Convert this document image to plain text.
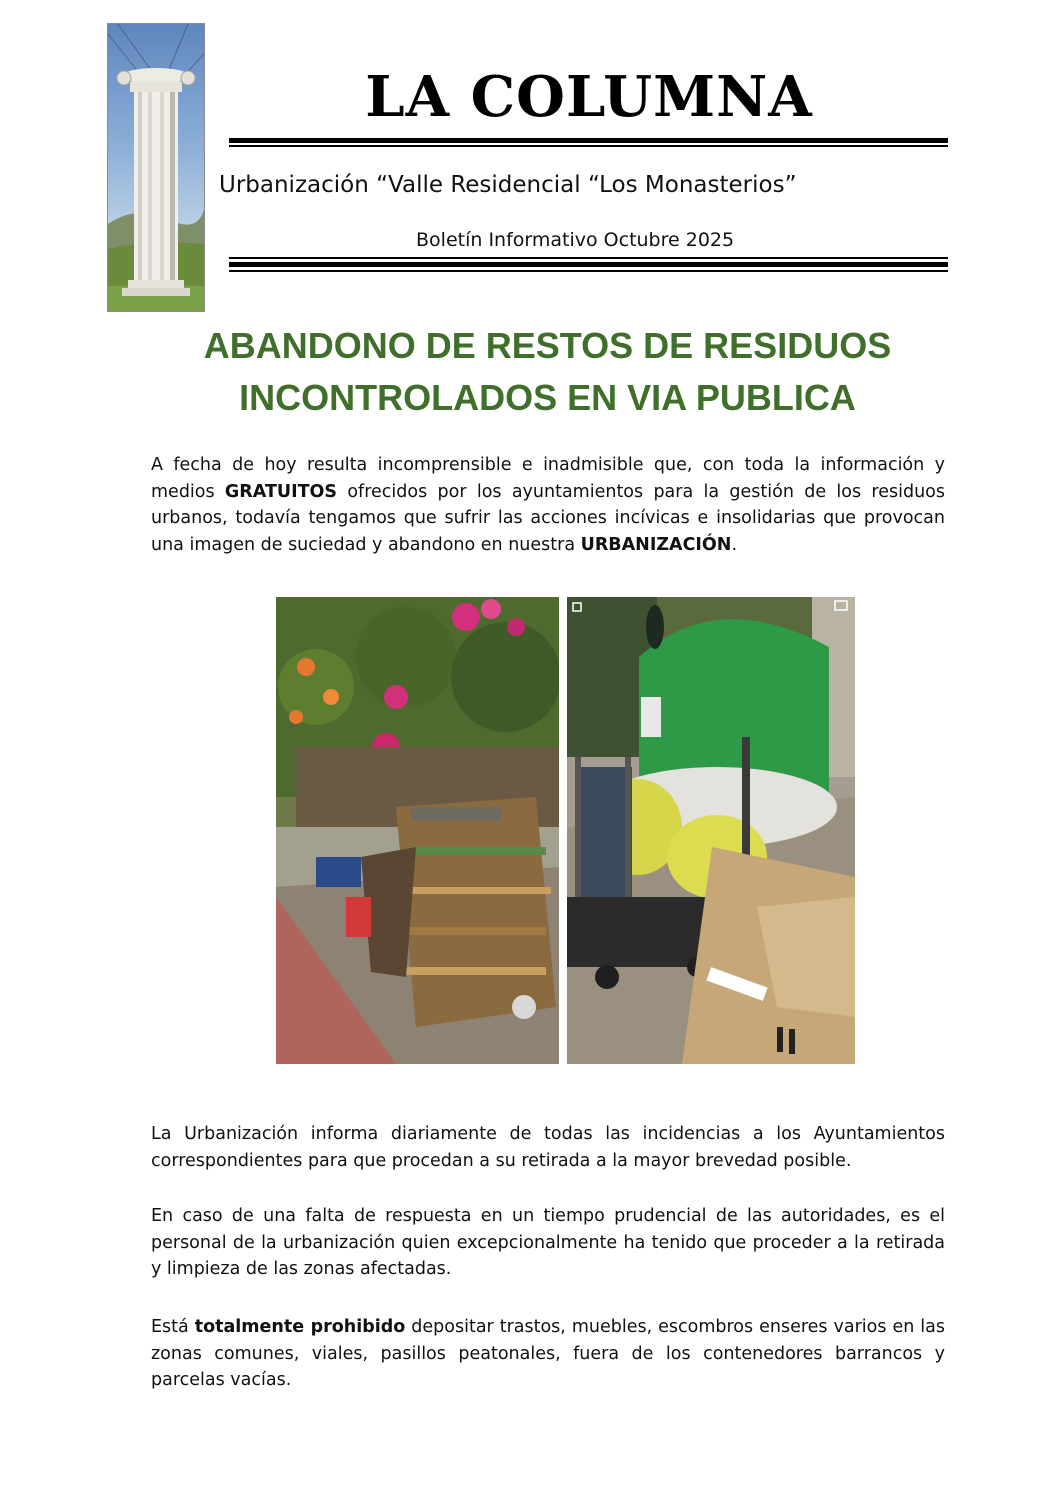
LA COLUMNA
Urbanización “Valle Residencial “Los Monasterios”
Boletín Informativo Octubre 2025
ABANDONO DE RESTOS DE RESIDUOS
INCONTROLADOS EN VIA PUBLICA
A fecha de hoy resulta incomprensible e inadmisible que, con toda la información y medios GRATUITOS ofrecidos por los ayuntamientos para la gestión de los residuos urbanos, todavía tengamos que sufrir las acciones incívicas e insolidarias que provocan una imagen de suciedad y abandono en nuestra URBANIZACIÓN.
La Urbanización informa diariamente de todas las incidencias a los Ayuntamientos correspondientes para que procedan a su retirada a la mayor brevedad posible.
En caso de una falta de respuesta en un tiempo prudencial de las autoridades, es el personal de la urbanización quien excepcionalmente ha tenido que proceder a la retirada y limpieza de las zonas afectadas.
Está totalmente prohibido depositar trastos, muebles, escombros enseres varios en las zonas comunes, viales, pasillos peatonales, fuera de los contenedores barrancos y parcelas vacías.
